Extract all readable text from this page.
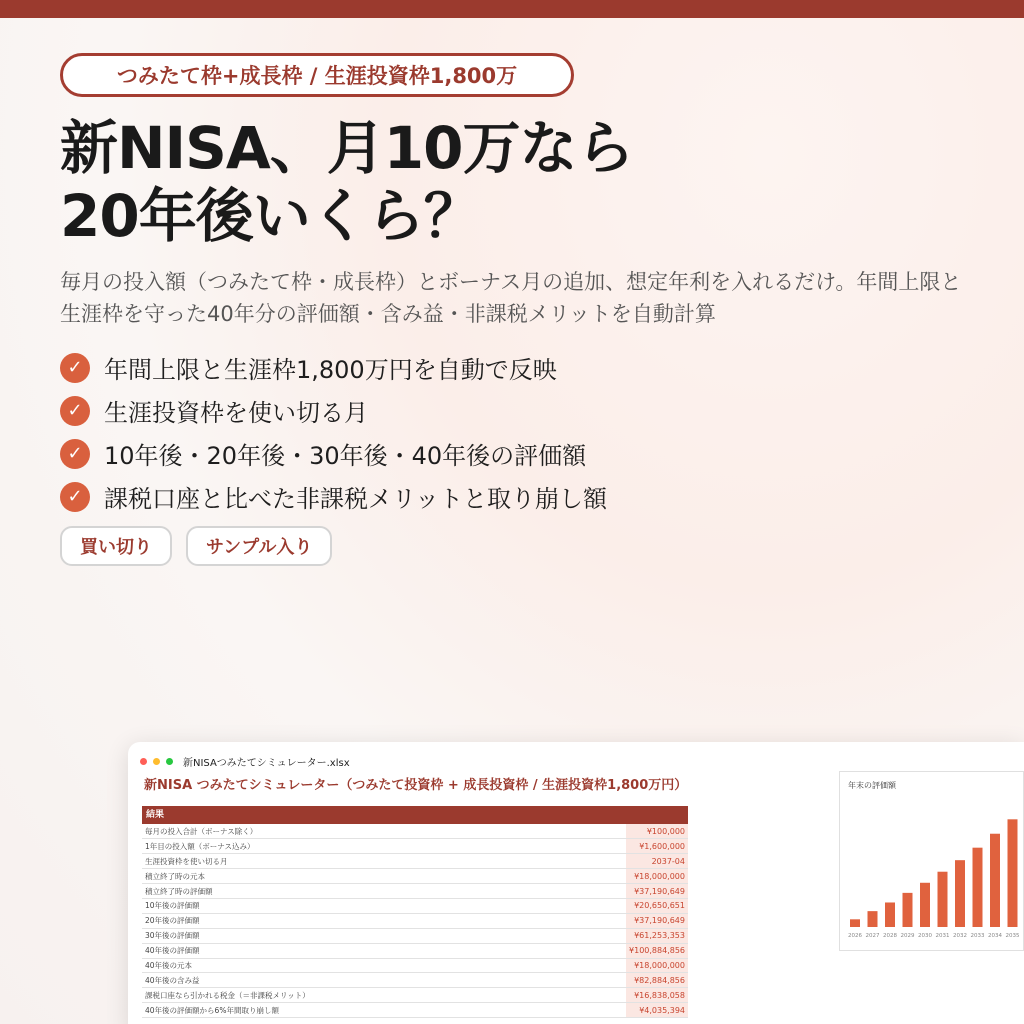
つみたて枠+成長枠 / 生涯投資枠1,800万
新NISA、月10万なら
20年後いくら？

毎月の投入額（つみたて枠・成長枠）とボーナス月の追加、想定年利を入れるだけ。年間上限と生涯枠を守った40年分の評価額・含み益・非課税メリットを自動計算

✓ 年間上限と生涯枠1,800万円を自動で反映
✓ 生涯投資枠を使い切る月
✓ 10年後・20年後・30年後・40年後の評価額
✓ 課税口座と比べた非課税メリットと取り崩し額
買い切り	サンプル入り
新NISAつみたてシミュレーター.xlsx
新NISA つみたてシミュレーター（つみたて投資枠 + 成長投資枠 / 生涯投資枠1,800万円）
結果
毎月の投入合計（ボーナス除く）	¥100,000
1年目の投入額（ボーナス込み）	¥1,600,000
生涯投資枠を使い切る月	2037-04
積立終了時の元本	¥18,000,000
積立終了時の評価額	¥37,190,649
10年後の評価額	¥20,650,651
20年後の評価額	¥37,190,649
30年後の評価額	¥61,253,353
40年後の評価額	¥100,884,856
40年後の元本	¥18,000,000
40年後の含み益	¥82,884,856
課税口座なら引かれる税金（＝非課税メリット）	¥16,838,058
40年後の評価額から6%年間取り崩し額	¥4,035,394
年末の評価額
2026 2027 2028 2029 2030 2031 2032 2033 2034 2035
